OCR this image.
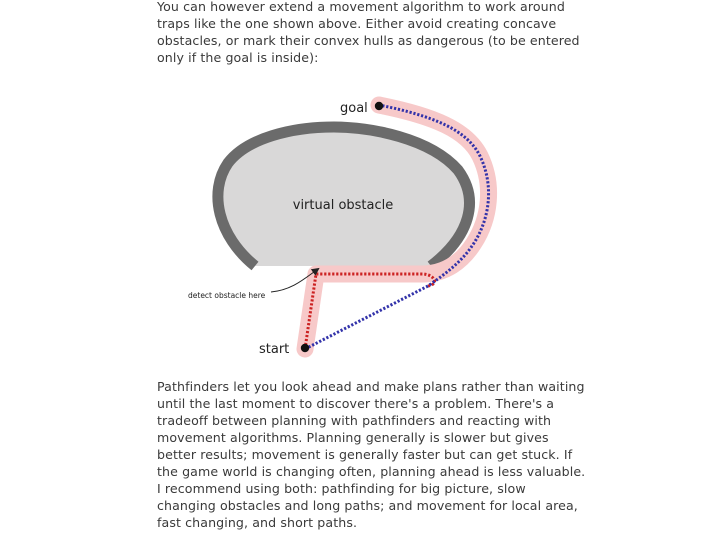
You can however extend a movement algorithm to work around
traps like the one shown above. Either avoid creating concave
obstacles, or mark their convex hulls as dangerous (to be entered
only if the goal is inside):

goal
start
virtual obstacle
detect obstacle here

Pathfinders let you look ahead and make plans rather than waiting
until the last moment to discover there's a problem. There's a
tradeoff between planning with pathfinders and reacting with
movement algorithms. Planning generally is slower but gives
better results; movement is generally faster but can get stuck. If
the game world is changing often, planning ahead is less valuable.
I recommend using both: pathfinding for big picture, slow
changing obstacles and long paths; and movement for local area,
fast changing, and short paths.
